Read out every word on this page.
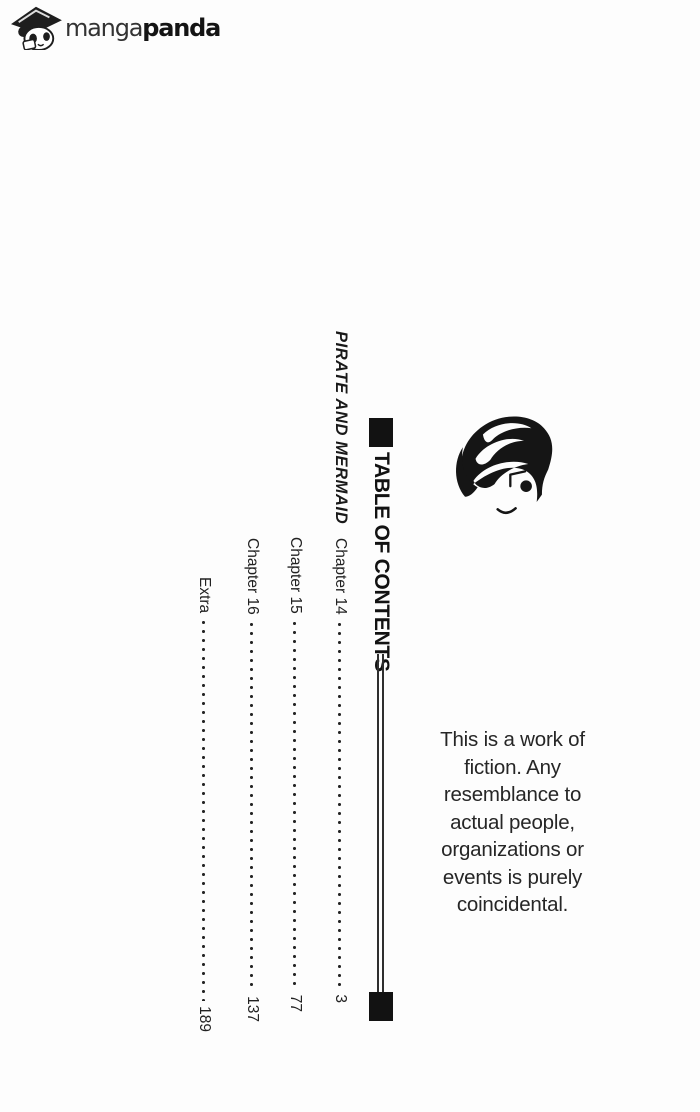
mangapanda
PIRATE AND MERMAID
TABLE OF CONTENTS
Chapter 14
3
Chapter 15
77
Chapter 16
137
Extra
189
This is a work of
fiction. Any
resemblance to
actual people,
organizations or
events is purely
coincidental.
